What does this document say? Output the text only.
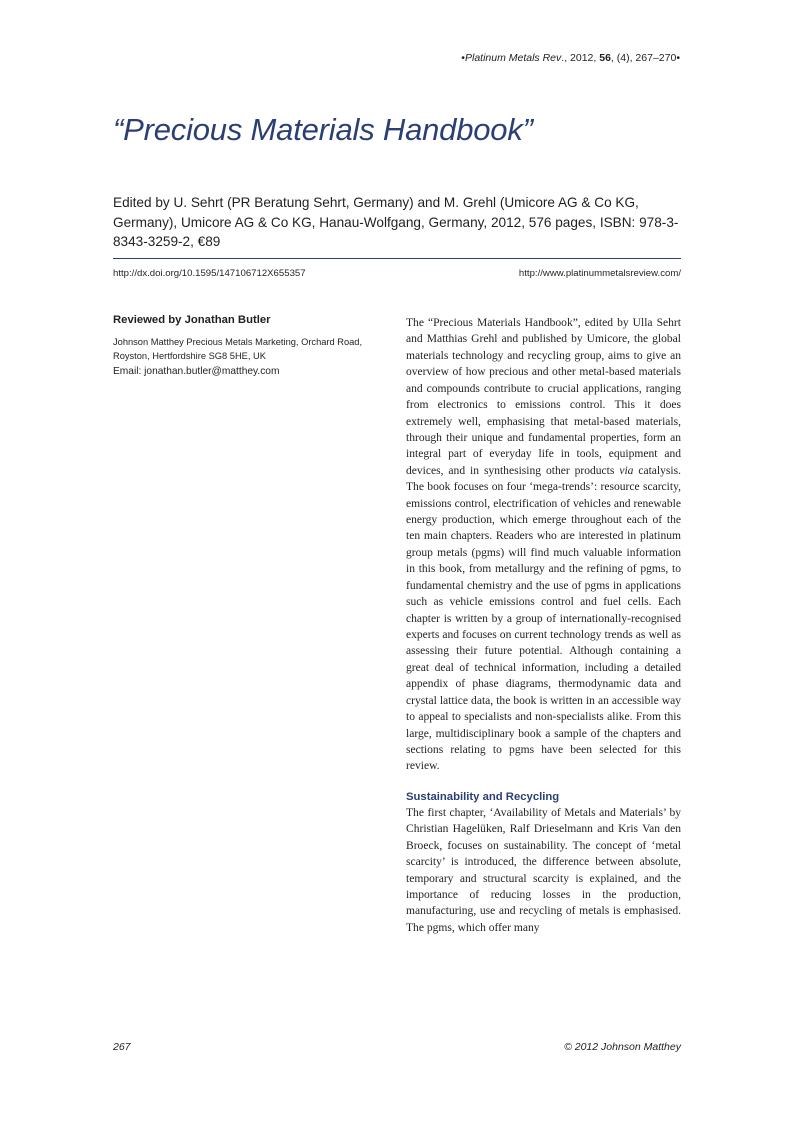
•Platinum Metals Rev., 2012, 56, (4), 267–270•
“Precious Materials Handbook”

Edited by U. Sehrt (PR Beratung Sehrt, Germany) and M. Grehl (Umicore AG & Co KG, Germany), Umicore AG & Co KG, Hanau-Wolfgang, Germany, 2012, 576 pages, ISBN: 978-3-8343-3259-2, €89

http://dx.doi.org/10.1595/147106712X655357	http://www.platinummetalsreview.com/

Reviewed by Jonathan Butler

Johnson Matthey Precious Metals Marketing, Orchard Road, Royston, Hertfordshire SG8 5HE, UK

Email: jonathan.butler@matthey.com

The “Precious Materials Handbook”, edited by Ulla Sehrt and Matthias Grehl and published by Umicore, the global materials technology and recycling group, aims to give an overview of how precious and other metal-based materials and compounds contribute to crucial applications, ranging from electronics to emissions control. This it does extremely well, emphasising that metal-based materials, through their unique and fundamental properties, form an integral part of everyday life in tools, equipment and devices, and in synthesising other products via catalysis. The book focuses on four ‘mega-trends’: resource scarcity, emissions control, electrification of vehicles and renewable energy production, which emerge throughout each of the ten main chapters. Readers who are interested in platinum group metals (pgms) will find much valuable information in this book, from metallurgy and the refining of pgms, to fundamental chemistry and the use of pgms in applications such as vehicle emissions control and fuel cells. Each chapter is written by a group of internationally-recognised experts and focuses on current technology trends as well as assessing their future potential. Although containing a great deal of technical information, including a detailed appendix of phase diagrams, thermodynamic data and crystal lattice data, the book is written in an accessible way to appeal to specialists and non-specialists alike. From this large, multidisciplinary book a sample of the chapters and sections relating to pgms have been selected for this review.

Sustainability and Recycling

The first chapter, ‘Availability of Metals and Materials’ by Christian Hagelüken, Ralf Drieselmann and Kris Van den Broeck, focuses on sustainability. The concept of ‘metal scarcity’ is introduced, the difference between absolute, temporary and structural scarcity is explained, and the importance of reducing losses in the production, manufacturing, use and recycling of metals is emphasised. The pgms, which offer many

267	© 2012 Johnson Matthey
